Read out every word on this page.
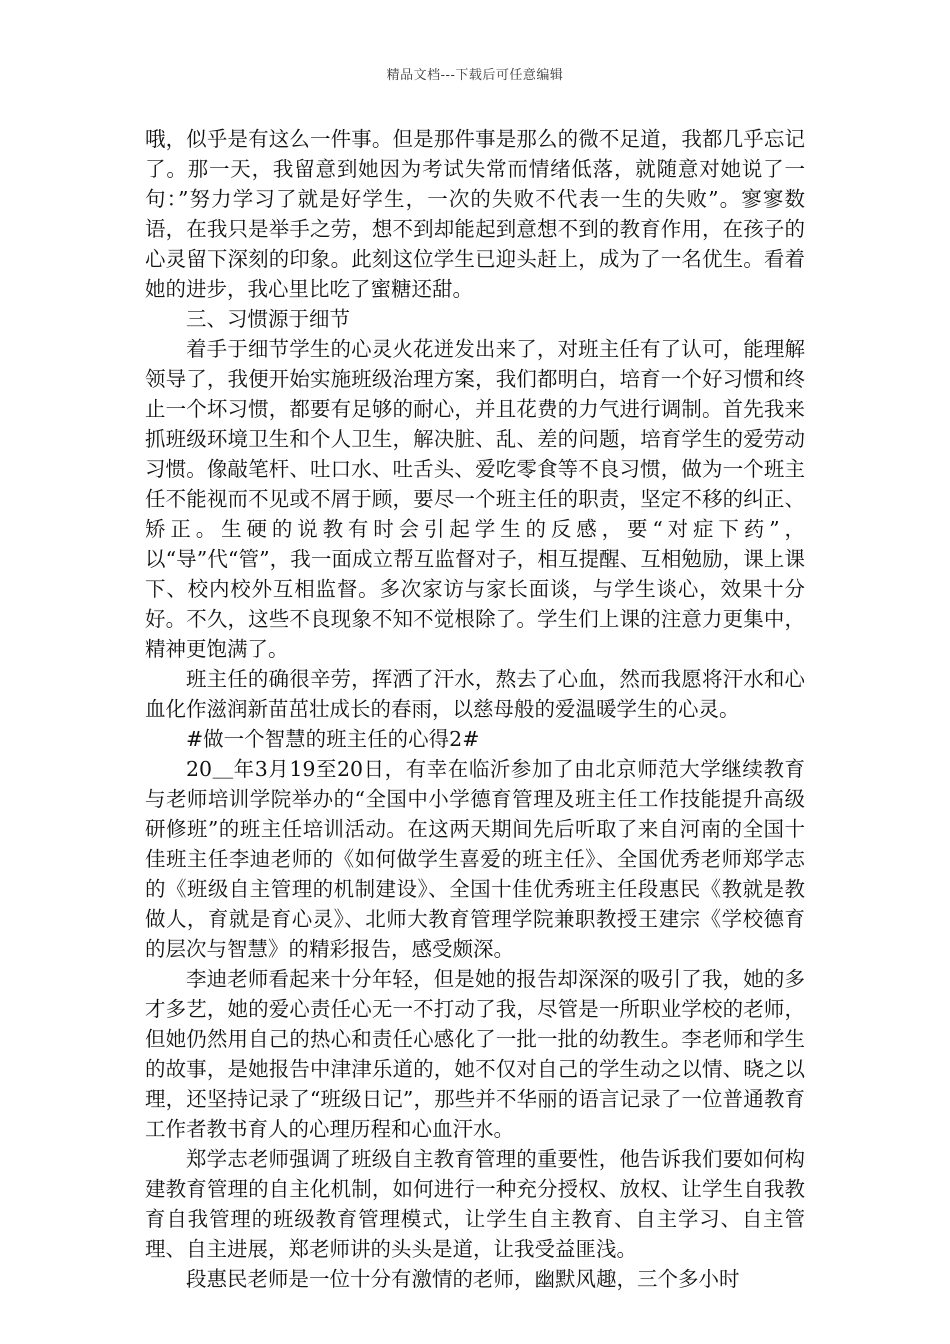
精品文档---下载后可任意编辑

哦，似乎是有这么一件事。但是那件事是那么的微不足道，我都几乎忘记了。那一天，我留意到她因为考试失常而情绪低落，就随意对她说了一句：”努力学习了就是好学生，一次的失败不代表一生的失败”。寥寥数语，在我只是举手之劳，想不到却能起到意想不到的教育作用，在孩子的心灵留下深刻的印象。此刻这位学生已迎头赶上，成为了一名优生。看着她的进步，我心里比吃了蜜糖还甜。

三、习惯源于细节

着手于细节学生的心灵火花迸发出来了，对班主任有了认可，能理解领导了，我便开始实施班级治理方案，我们都明白，培育一个好习惯和终止一个坏习惯，都要有足够的耐心，并且花费的力气进行调制。首先我来抓班级环境卫生和个人卫生，解决脏、乱、差的问题，培育学生的爱劳动习惯。像敲笔杆、吐口水、吐舌头、爱吃零食等不良习惯，做为一个班主任不能视而不见或不屑于顾，要尽一个班主任的职责，坚定不移的纠正、矫正。生硬的说教有时会引起学生的反感，要“对症下药”，以“导”代“管”，我一面成立帮互监督对子，相互提醒、互相勉励，课上课下、校内校外互相监督。多次家访与家长面谈，与学生谈心，效果十分好。不久，这些不良现象不知不觉根除了。学生们上课的注意力更集中，精神更饱满了。

班主任的确很辛劳，挥洒了汗水，熬去了心血，然而我愿将汗水和心血化作滋润新苗茁壮成长的春雨，以慈母般的爱温暖学生的心灵。

#做一个智慧的班主任的心得2#

20＿年3月19至20日，有幸在临沂参加了由北京师范大学继续教育与老师培训学院举办的“全国中小学德育管理及班主任工作技能提升高级研修班”的班主任培训活动。在这两天期间先后听取了来自河南的全国十佳班主任李迪老师的《如何做学生喜爱的班主任》、全国优秀老师郑学志的《班级自主管理的机制建设》、全国十佳优秀班主任段惠民《教就是教做人，育就是育心灵》、北师大教育管理学院兼职教授王建宗《学校德育的层次与智慧》的精彩报告，感受颇深。

李迪老师看起来十分年轻，但是她的报告却深深的吸引了我，她的多才多艺，她的爱心责任心无一不打动了我，尽管是一所职业学校的老师，但她仍然用自己的热心和责任心感化了一批一批的幼教生。李老师和学生的故事，是她报告中津津乐道的，她不仅对自己的学生动之以情、晓之以理，还坚持记录了“班级日记”，那些并不华丽的语言记录了一位普通教育工作者教书育人的心理历程和心血汗水。

郑学志老师强调了班级自主教育管理的重要性，他告诉我们要如何构建教育管理的自主化机制，如何进行一种充分授权、放权、让学生自我教育自我管理的班级教育管理模式，让学生自主教育、自主学习、自主管理、自主进展，郑老师讲的头头是道，让我受益匪浅。

段惠民老师是一位十分有激情的老师，幽默风趣，三个多小时
